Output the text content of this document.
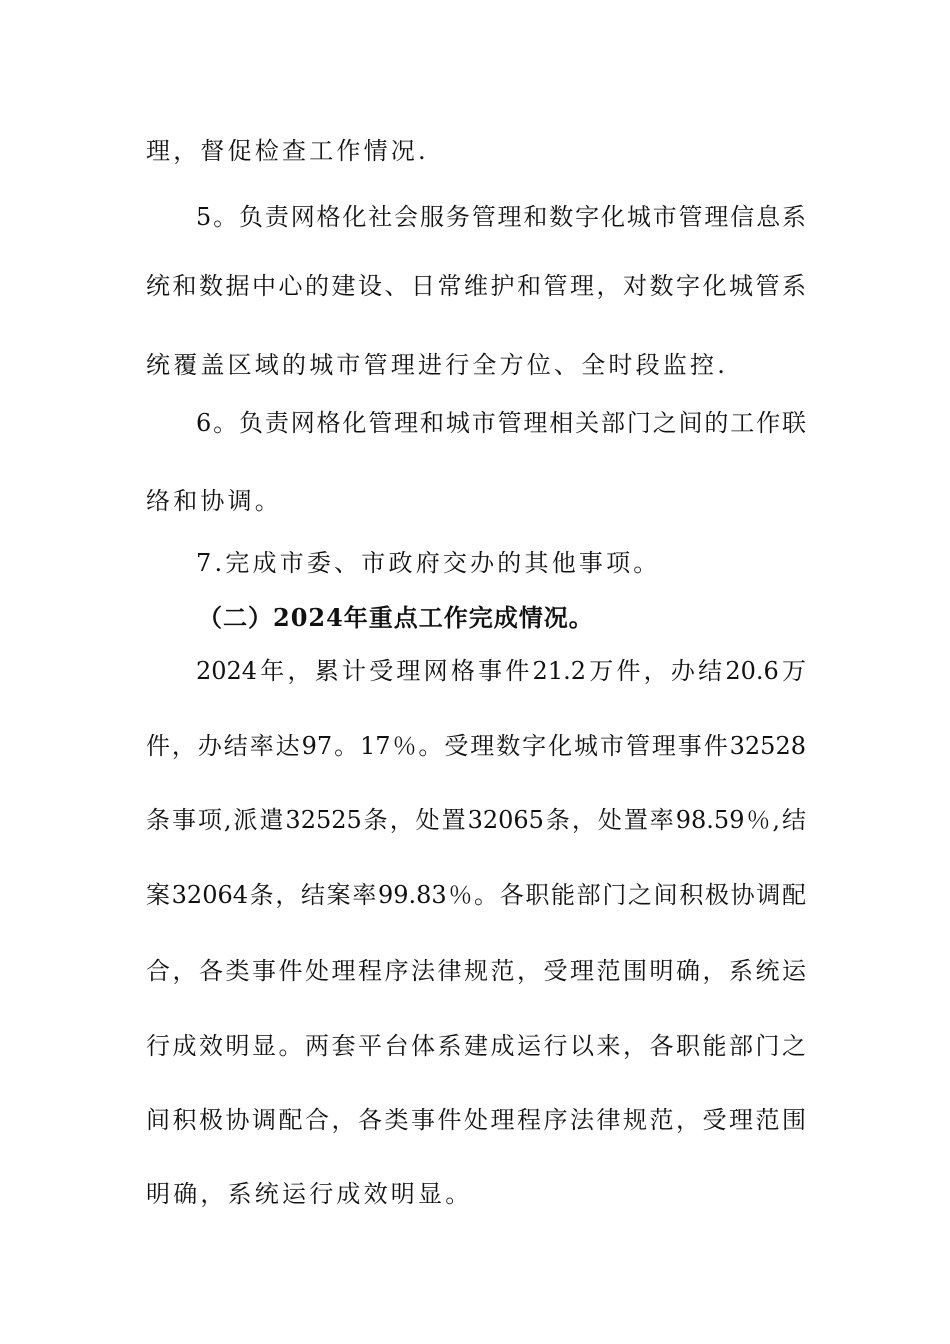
理，督促检查工作情况.
5。负责网格化社会服务管理和数字化城市管理信息系
统和数据中心的建设、日常维护和管理，对数字化城管系
统覆盖区域的城市管理进行全方位、全时段监控.
6。负责网格化管理和城市管理相关部门之间的工作联
络和协调。
7.完成市委、市政府交办的其他事项。
（二）2024年重点工作完成情况。
2024年，累计受理网格事件21.2万件，办结20.6万
件，办结率达97。17％。受理数字化城市管理事件32528
条事项,派遣32525条，处置32065条，处置率98.59％,结
案32064条，结案率99.83％。各职能部门之间积极协调配
合，各类事件处理程序法律规范，受理范围明确，系统运
行成效明显。两套平台体系建成运行以来，各职能部门之
间积极协调配合，各类事件处理程序法律规范，受理范围
明确，系统运行成效明显。
